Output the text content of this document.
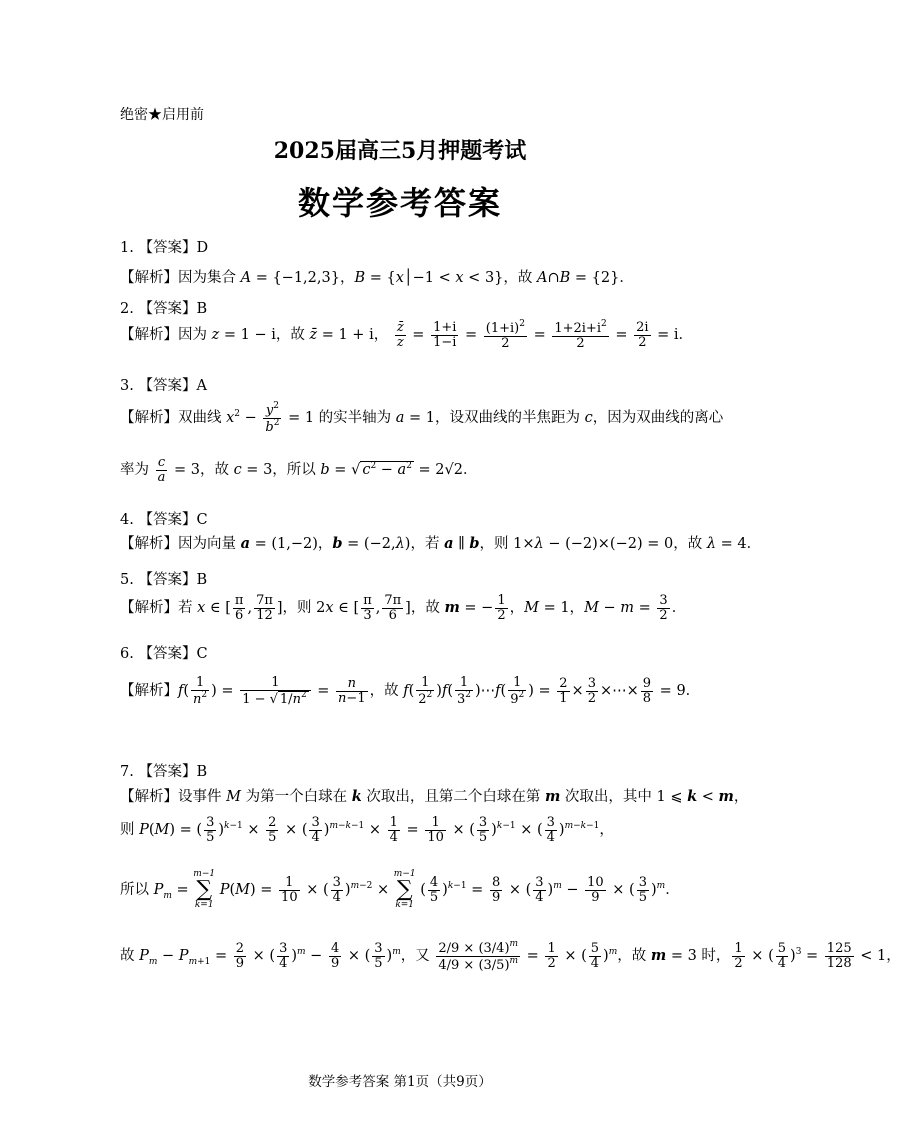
绝密★启用前
2025届高三5月押题考试
数学参考答案
1. 【答案】D
【解析】因为集合 A = {−1,2,3}，B = {x│−1 < x < 3}，故 A∩B = {2}．
2. 【答案】B
【解析】因为 z = 1 − i，故 z̄ = 1 + i， $\frac{z̄}{z} = \frac{1+i}{1-i} = \frac{(1+i)^2}{2} = \frac{1+2i+i^2}{2} = \frac{2i}{2} = i$．
3. 【答案】A
【解析】双曲线 $x^2 - \frac{y^2}{b^2} = 1$ 的实半轴为 a = 1，设双曲线的半焦距为 c，因为双曲线的离心
率为 $\frac{c}{a} = 3$，故 c = 3，所以 b = √ $c^2 - a^2 = 2√2$．
4. 【答案】C
【解析】因为向量 a = (1,−2)，b = (−2,λ)，若 a ∥ b，则 1×λ − (−2)×(−2) = 0，故 λ = 4．
5. 【答案】B
【解析】若 x ∈ [ $\frac{\pi}{6}$ , $\frac{7\pi}{12}$ ]，则 2x ∈ [ $\frac{\pi}{3}$ , $\frac{7\pi}{6}$ ]，故 m = − $\frac{1}{2}$ ，M = 1，$M - m = \frac{3}{2}$ ．
6. 【答案】C
【解析】$f( \frac{1}{n^2}$ ) = $\frac{1}{1 - √ 1/n^2} = \frac{n}{n-1}$ ，故 $f( \frac{1}{2^2} )f( \frac{1}{3^2}$ )⋯f( $\frac{1}{9^2}$ ) = $\frac{2}{1} \times \frac{3}{2}$ ×⋯× $\frac{9}{8} = 9$．
7. 【答案】B
【解析】设事件 M 为第一个白球在 k 次取出，且第二个白球在第 m 次取出，其中 1 ⩽ k < m，
则 P(M) = ( $\frac{3}{5} )^{k-1} \times \frac{2}{5}$ × ( $\frac{3}{4} )^{m-k-1} \times \frac{1}{4} = \frac{1}{10}$ × ( $\frac{3}{5} )^{k-1}$ × ( $\frac{3}{4} )^{m-k-1}$，
所以 $P_m$ =
m−1
∑
k=1
$P(M) = \frac{1}{10}$ × ( $\frac{3}{4} )^{m-2}$ ×
m−1
∑
k=1
( $\frac{4}{5} )^{k-1} = \frac{8}{9}$ × ( $\frac{3}{4} )^m - \frac{10}{9}$ × ( $\frac{3}{5} )^m$．
故 $P_m - P_{m+1} = \frac{2}{9}$ × ( $\frac{3}{4} )^m - \frac{4}{9}$ × ( $\frac{3}{5} )^m$，又 $\frac{2/9 \times (3/4)^m}{4/9 \times (3/5)^m} = \frac{1}{2}$ × ( $\frac{5}{4} )^m$，故 m = 3 时， $\frac{1}{2}$ × ( $\frac{5}{4} )^3 = \frac{125}{128} < 1$，
数学参考答案 第1页（共9页）
